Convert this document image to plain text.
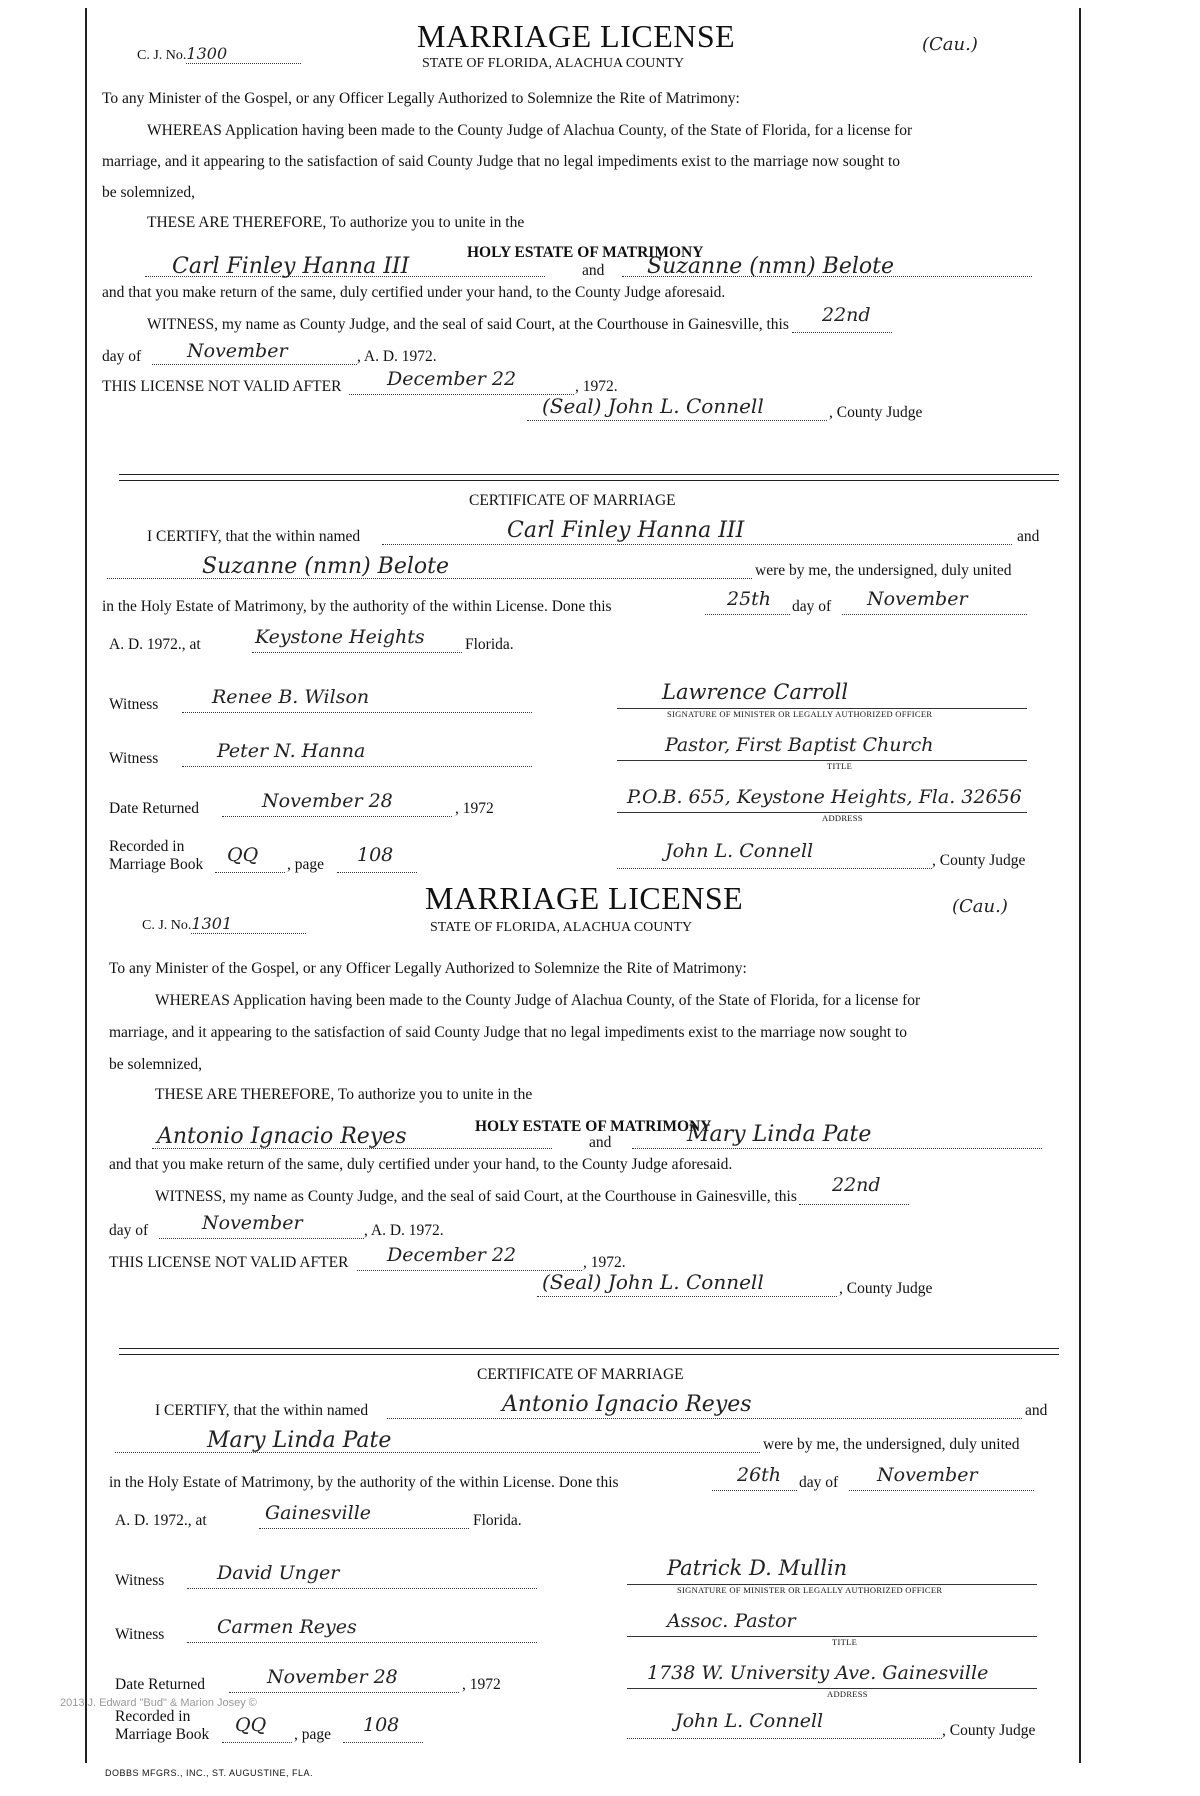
C. J. No.1300	MARRIAGE LICENSE
STATE OF FLORIDA, ALACHUA COUNTY
(Cau.)
To any Minister of the Gospel, or any Officer Legally Authorized to Solemnize the Rite of Matrimony:
WHEREAS Application having been made to the County Judge of Alachua County, of the State of Florida, for a license for
marriage, and it appearing to the satisfaction of said County Judge that no legal impediments exist to the marriage now sought to
be solemnized,
THESE ARE THEREFORE, To authorize you to unite in the
HOLY ESTATE OF MATRIMONY
Carl Finley Hanna III	and Suzanne (nmn) Belote
and that you make return of the same, duly certified under your hand, to the County Judge aforesaid.
WITNESS, my name as County Judge, and the seal of said Court, at the Courthouse in Gainesville, this 22nd
day of November	, A. D. 1972.
THIS LICENSE NOT VALID AFTER December 22	, 1972.
(Seal) John L. Connell	, County Judge
CERTIFICATE OF MARRIAGE
I CERTIFY, that the within named	Carl Finley Hanna III	and
Suzanne (nmn) Belote	were by me, the undersigned, duly united
in the Holy Estate of Matrimony, by the authority of the within License. Done this	25th day of November
A. D. 1972., at	Keystone Heights	Florida.
Witness	Renee B. Wilson	Lawrence Carroll
SIGNATURE OF MINISTER OR LEGALLY AUTHORIZED OFFICER
Witness	Peter N. Hanna	Pastor, First Baptist Church
TITLE
Date Returned	November 28	, 1972
P.O.B. 655, Keystone Heights, Fla. 32656
ADDRESS
Recorded in
Marriage Book QQ , page 108	John L. Connell	, County Judge
C. J. No.1301
MARRIAGE LICENSE
STATE OF FLORIDA, ALACHUA COUNTY
(Cau.)
To any Minister of the Gospel, or any Officer Legally Authorized to Solemnize the Rite of Matrimony:
WHEREAS Application having been made to the County Judge of Alachua County, of the State of Florida, for a license for
marriage, and it appearing to the satisfaction of said County Judge that no legal impediments exist to the marriage now sought to
be solemnized,
THESE ARE THEREFORE, To authorize you to unite in the
HOLY ESTATE OF MATRIMONY
Antonio Ignacio Reyes	and	Mary Linda Pate
and that you make return of the same, duly certified under your hand, to the County Judge aforesaid.
WITNESS, my name as County Judge, and the seal of said Court, at the Courthouse in Gainesville, this
22nd
day of	November	, A. D. 1972.
THIS LICENSE NOT VALID AFTER December 22	, 1972.
(Seal) John L. Connell	, County Judge
CERTIFICATE OF MARRIAGE
I CERTIFY, that the within named	Antonio Ignacio Reyes	and
Mary Linda Pate	were by me, the undersigned, duly united
in the Holy Estate of Matrimony, by the authority of the within License. Done this	26th day of November
A. D. 1972., at	Gainesville	Florida.
Witness	David Unger	Patrick D. Mullin
SIGNATURE OF MINISTER OR LEGALLY AUTHORIZED OFFICER
Witness	Carmen Reyes	Assoc. Pastor
TITLE
Date Returned	November 28	, 1972
1738 W. University Ave. Gainesville
ADDRESS
Recorded in
Marriage Book QQ , page 108	John L. Connell	, County Judge
2013 J. Edward "Bud" & Marion Josey ©
DOBBS MFGRS., INC., ST. AUGUSTINE, FLA.
